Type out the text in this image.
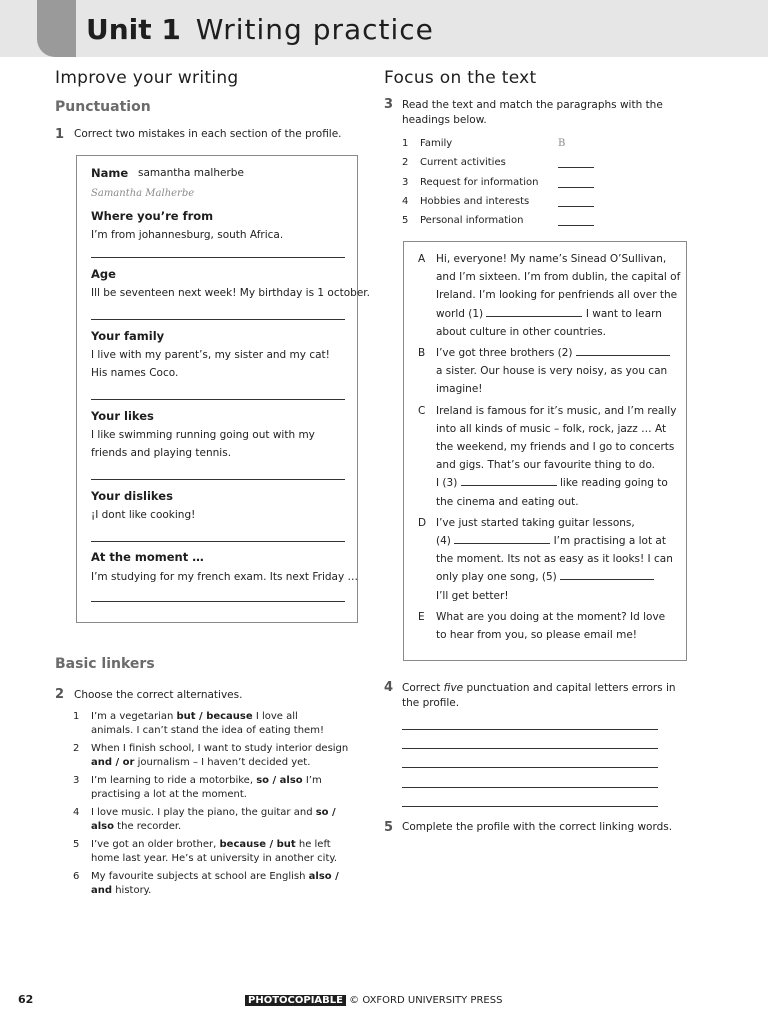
Unit 1 Writing practice
Improve your writing
Punctuation
1 Correct two mistakes in each section of the profile.
Name samantha malherbe
Samantha Malherbe
Where you’re from
I’m from johannesburg, south Africa.
Age
Ill be seventeen next week! My birthday is 1 october.
Your family
I live with my parent’s, my sister and my cat! His names Coco.
Your likes
I like swimming running going out with my friends and playing tennis.
Your dislikes
¡I dont like cooking!
At the moment …
I’m studying for my french exam. Its next Friday …
Basic linkers
2 Choose the correct alternatives.
1	I’m a vegetarian but / because I love all animals. I can’t stand the idea of eating them!
2	When I finish school, I want to study interior design and / or journalism – I haven’t decided yet.
3	I’m learning to ride a motorbike, so / also I’m practising a lot at the moment.
4	I love music. I play the piano, the guitar and so / also the recorder.
5	I’ve got an older brother, because / but he left home last year. He’s at university in another city.
6	My favourite subjects at school are English also / and history.
Focus on the text
3 Read the text and match the paragraphs with the headings below.
1	Family	B
2	Current activities
3	Request for information
4	Hobbies and interests
5	Personal information
A	Hi, everyone! My name’s Sinead O’Sullivan,
and I’m sixteen. I’m from dublin, the capital of
Ireland. I’m looking for penfriends all over the
world (1)	I want to learn
about culture in other countries.
B	I’ve got three brothers (2)
a sister. Our house is very noisy, as you can
imagine!
C	Ireland is famous for it’s music, and I’m really
into all kinds of music – folk, rock, jazz … At
the weekend, my friends and I go to concerts
and gigs. That’s our favourite thing to do.
I (3)	like reading going to
the cinema and eating out.
D I’ve just started taking guitar lessons,
(4)	I’m practising a lot at
the moment. Its not as easy as it looks! I can
only play one song, (5)
I’ll get better!
E	What are you doing at the moment? Id love
to hear from you, so please email me!
4 Correct five punctuation and capital letters errors in the profile.
5 Complete the profile with the correct linking words.
62	PHOTOCOPIABLE © OXFORD UNIVERSITY PRESS
